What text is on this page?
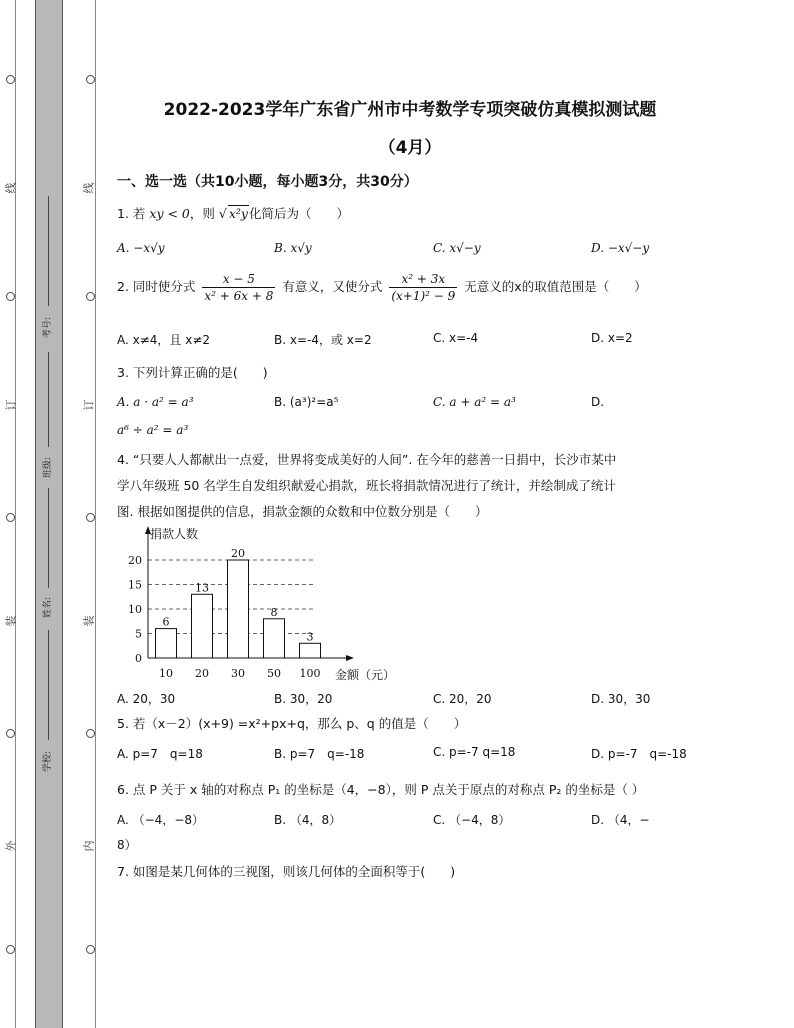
线
订
装
外
线
订
装
内
考号:
班级:
姓名:
学校:
2022-2023学年广东省广州市中考数学专项突破仿真模拟测试题
（4月）
一、选一选（共10小题，每小题3分，共30分）
1. 若 xy < 0，则 √ x²y化简后为（　　）
A. −x√y	B. x√y	C. x√−y	D. −x√−y
2. 同时使分式 $\frac{x - 5}{\text{x² + 6x + 8}}$ 有意义，又使分式 $\frac{\text{x² + 3x}}{\text{(x+1)² − 9}}$ 无意义的x的取值范围是（　　）
A. x≠4，且 x≠2	B. x=-4，或 x=2	C. x=-4	D. x=2
3. 下列计算正确的是(　　)
A. a · a² = a³	B. (a³)²=a⁵	C. a + a² = a³	D.
a⁶ ÷ a² = a³
4. “只要人人都献出一点爱，世界将变成美好的人间”. 在今年的慈善一日捐中，长沙市某中
学八年级班 50 名学生自发组织献爱心捐款，班长将捐款情况进行了统计，并绘制成了统计
图. 根据如图提供的信息，捐款金额的众数和中位数分别是（　　）
0
5
10
15
20
捐款人数
金额（元）
6
10
13
20
20
30
8
50
3
100
A. 20，30	B. 30，20	C. 20，20	D. 30，30
5. 若（x－2）(x+9) =x²+px+q，那么 p、q 的值是（　　）
A. p=7　q=18	B. p=7　q=-18	C. p=-7 q=18	D. p=-7　q=-18
6. 点 P 关于 x 轴的对称点 P₁ 的坐标是（4，−8），则 P 点关于原点的对称点 P₂ 的坐标是（ ）
A. （−4，−8）	B. （4，8）	C. （−4，8）	D. （4，−
8）
7. 如图是某几何体的三视图，则该几何体的全面积等于(　　)
